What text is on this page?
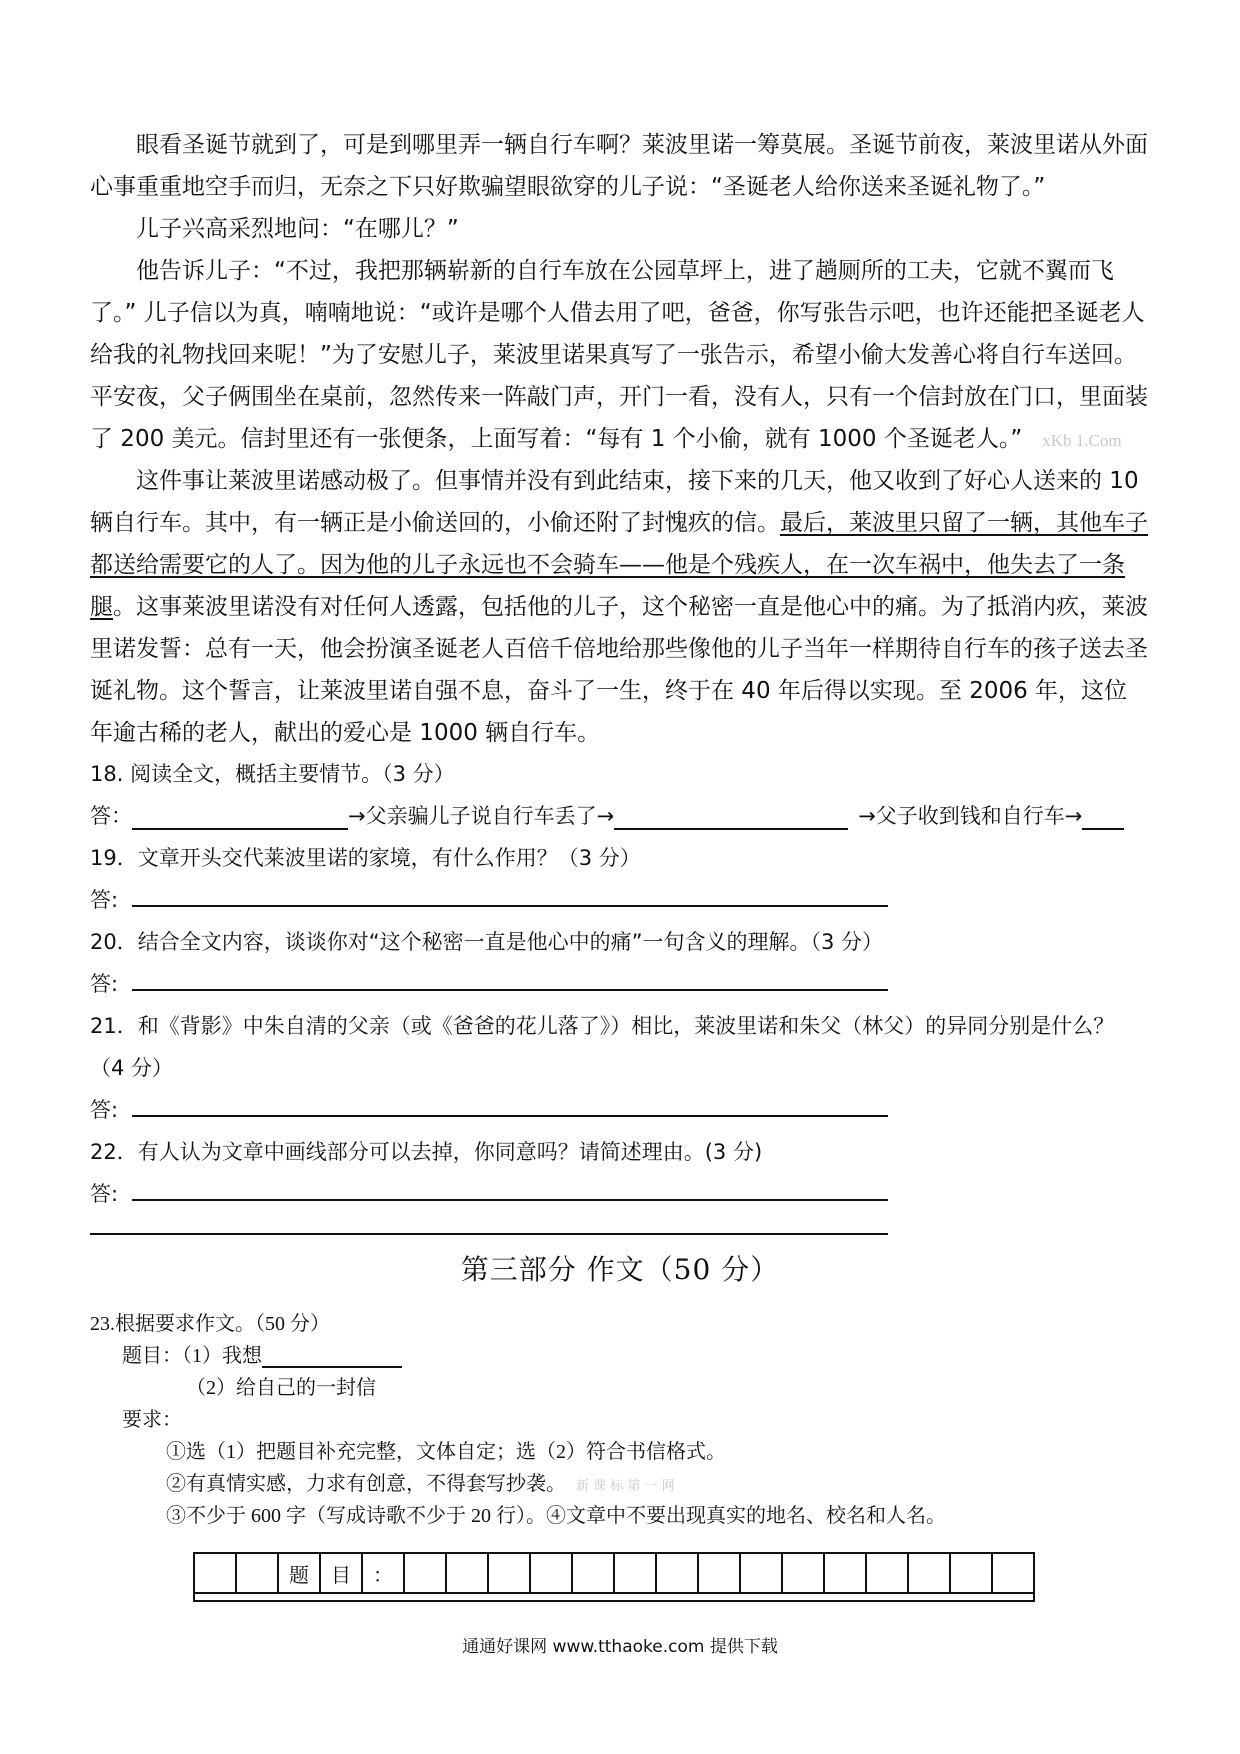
眼看圣诞节就到了，可是到哪里弄一辆自行车啊？莱波里诺一筹莫展。圣诞节前夜，莱波里诺从外面心事重重地空手而归，无奈之下只好欺骗望眼欲穿的儿子说：“圣诞老人给你送来圣诞礼物了。”

儿子兴高采烈地问：“在哪儿？”

他告诉儿子：“不过，我把那辆崭新的自行车放在公园草坪上，进了趟厕所的工夫，它就不翼而飞了。” 儿子信以为真，喃喃地说：“或许是哪个人借去用了吧，爸爸，你写张告示吧，也许还能把圣诞老人给我的礼物找回来呢！”为了安慰儿子，莱波里诺果真写了一张告示，希望小偷大发善心将自行车送回。平安夜，父子俩围坐在桌前，忽然传来一阵敲门声，开门一看，没有人，只有一个信封放在门口，里面装了 200 美元。信封里还有一张便条，上面写着：“每有 1 个小偷，就有 1000 个圣诞老人。” xKb 1.Com

这件事让莱波里诺感动极了。但事情并没有到此结束，接下来的几天，他又收到了好心人送来的 10 辆自行车。其中，有一辆正是小偷送回的，小偷还附了封愧疚的信。最后，莱波里只留了一辆，其他车子都送给需要它的人了。因为他的儿子永远也不会骑车——他是个残疾人，在一次车祸中，他失去了一条腿。 这事莱波里诺没有对任何人透露，包括他的儿子，这个秘密一直是他心中的痛。为了抵消内疚，莱波里诺发誓：总有一天，他会扮演圣诞老人百倍千倍地给那些像他的儿子当年一样期待自行车的孩子送去圣诞礼物。这个誓言，让莱波里诺自强不息，奋斗了一生，终于在 40 年后得以实现。至 2006 年，这位年逾古稀的老人，献出的爱心是 1000 辆自行车。

18. 阅读全文，概括主要情节。（3 分）
答：	→父亲骗儿子说自行车丢了→	→父子收到钱和自行车→
19．文章开头交代莱波里诺的家境，有什么作用？（3 分）
答:
20．结合全文内容，谈谈你对“这个秘密一直是他心中的痛”一句含义的理解。（3 分）
答:
21．和《背影》中朱自清的父亲（或《爸爸的花儿落了》）相比，莱波里诺和朱父（林父）的异同分别是什么？
（4 分）
答:
22．有人认为文章中画线部分可以去掉，你同意吗？请简述理由。(3 分)
答:
第三部分 作文（50 分）
23.根据要求作文。（50 分）
题目：（1）我想
（2）给自己的一封信
要求：
①选（1）把题目补充完整，文体自定；选（2）符合书信格式。
②有真情实感，力求有创意，不得套写抄袭。 新 课 标 第 一 网
③不少于 600 字（写成诗歌不少于 20 行）。④文章中不要出现真实的地名、校名和人名。
		题	目	：															

通通好课网 www.tthaoke.com 提供下载
